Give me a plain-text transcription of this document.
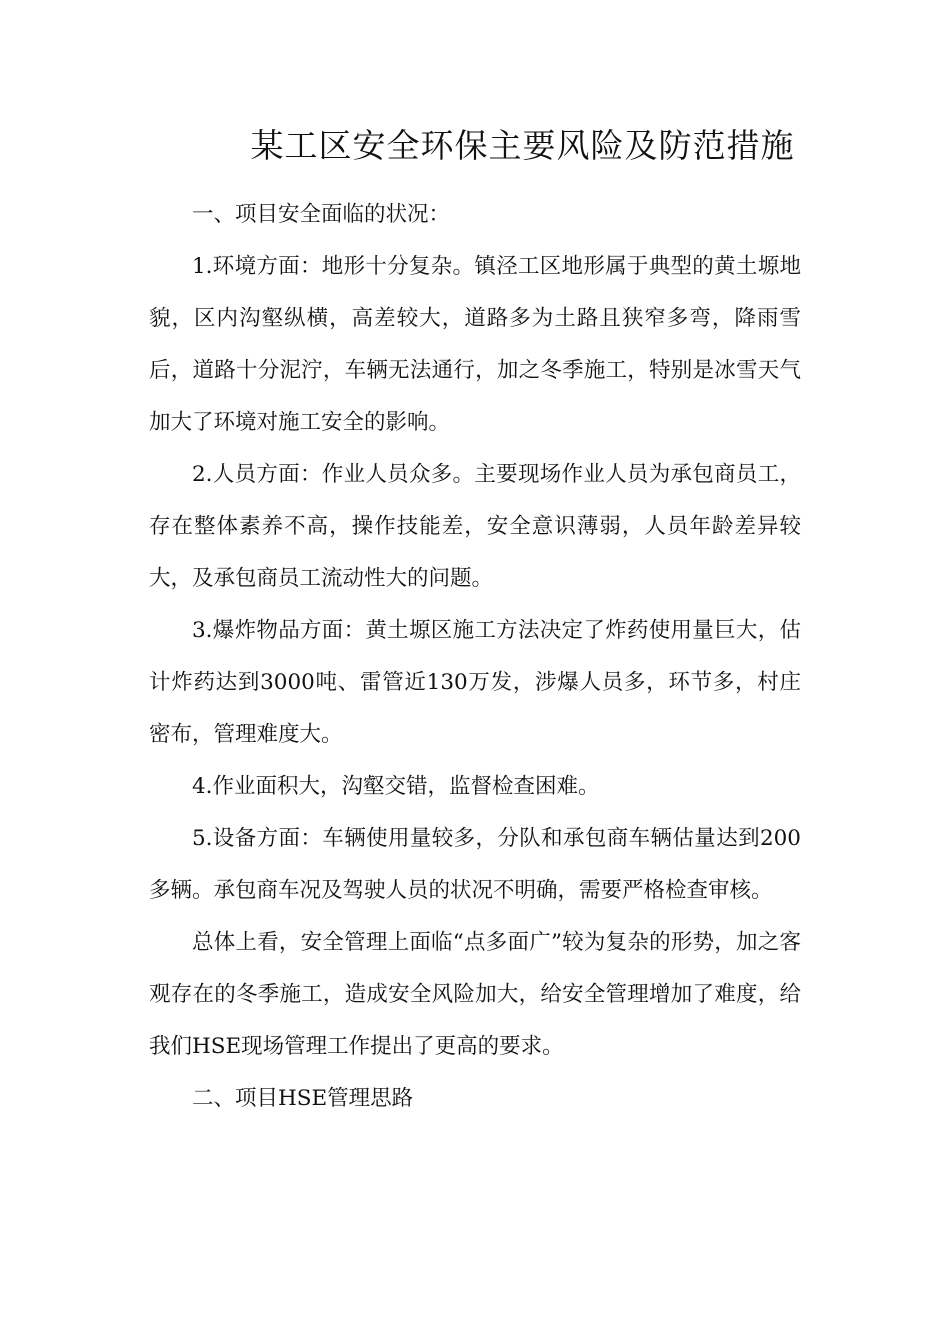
某工区安全环保主要风险及防范措施

一、项目安全面临的状况：

1.环境方面：地形十分复杂。镇泾工区地形属于典型的黄土塬地貌，区内沟壑纵横，高差较大，道路多为土路且狭窄多弯，降雨雪后，道路十分泥泞，车辆无法通行，加之冬季施工，特别是冰雪天气加大了环境对施工安全的影响。

2.人员方面：作业人员众多。主要现场作业人员为承包商员工，存在整体素养不高，操作技能差，安全意识薄弱，人员年龄差异较大，及承包商员工流动性大的问题。

3.爆炸物品方面：黄土塬区施工方法决定了炸药使用量巨大，估计炸药达到3000吨、雷管近130万发，涉爆人员多，环节多，村庄密布，管理难度大。

4.作业面积大，沟壑交错，监督检查困难。

5.设备方面：车辆使用量较多，分队和承包商车辆估量达到200多辆。承包商车况及驾驶人员的状况不明确，需要严格检查审核。

总体上看，安全管理上面临“点多面广”较为复杂的形势，加之客观存在的冬季施工，造成安全风险加大，给安全管理增加了难度，给我们HSE现场管理工作提出了更高的要求。

二、项目HSE管理思路
